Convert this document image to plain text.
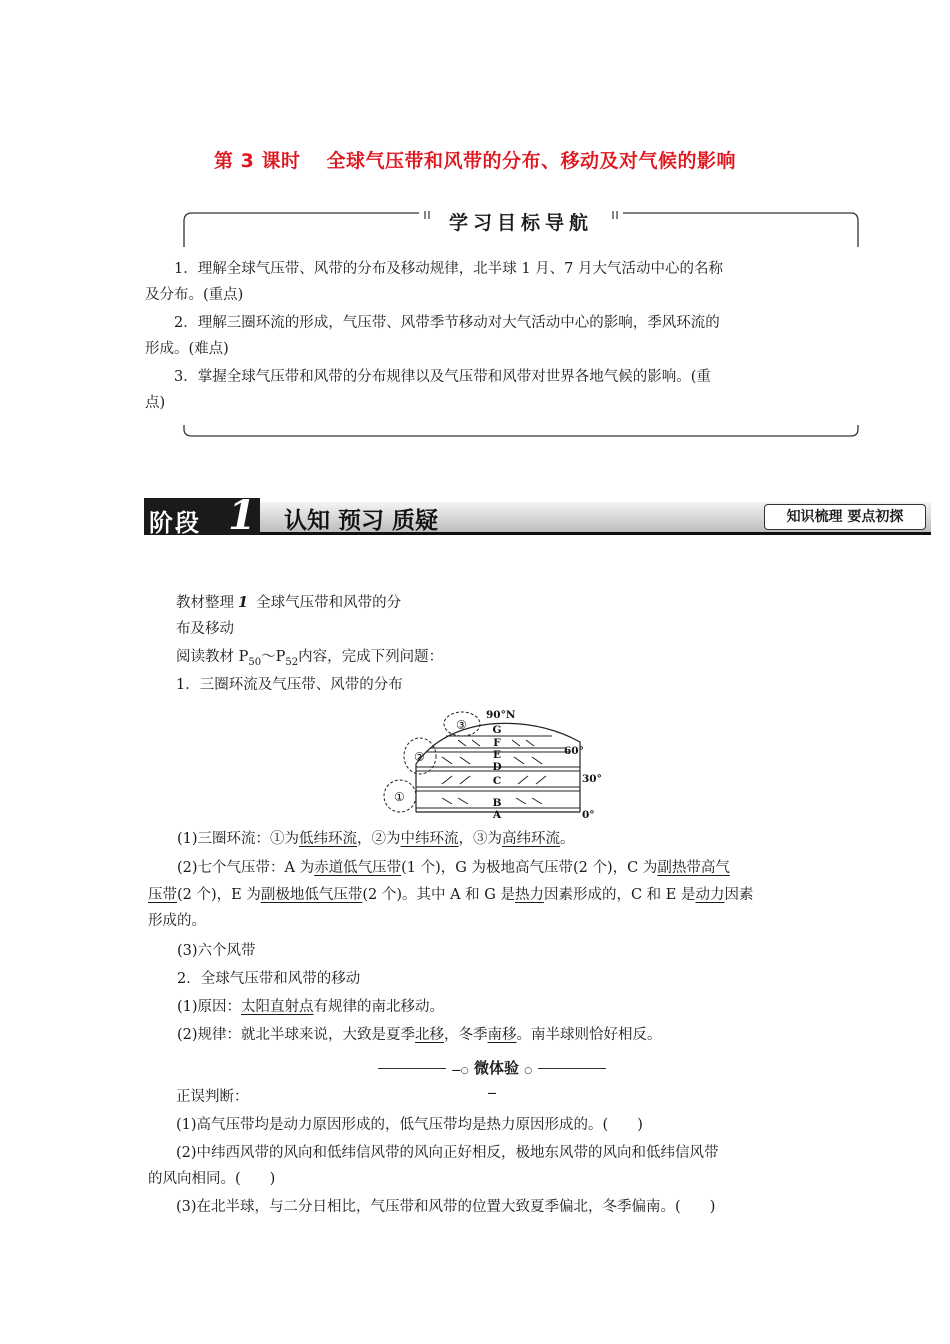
第 3 课时 全球气压带和风带的分布、移动及对气候的影响
学习目标导航
1．理解全球气压带、风带的分布及移动规律，北半球 1 月、7 月大气活动中心的名称
及分布。(重点)
2．理解三圈环流的形成，气压带、风带季节移动对大气活动中心的影响，季风环流的
形成。(难点)
3．掌握全球气压带和风带的分布规律以及气压带和风带对世界各地气候的影响。(重
点)
阶段 1 认知 预习 质疑	知识梳理 要点初探
教材整理 1 全球气压带和风带的分
布及移动
阅读教材 $P_{50}\sim P_{52}$内容，完成下列问题：
1．三圈环流及气压带、风带的分布
①
②
③ G
F
E
D
C
B
A
90°N
60°
30°
0°
(1)三圈环流：①为低纬环流，②为中纬环流，③为高纬环流。
(2)七个气压带：A 为赤道低气压带(1 个)，G 为极地高气压带(2 个)，C 为副热带高气
压带(2 个)，E 为副极地低气压带(2 个)。其中 A 和 G 是热力因素形成的，C 和 E 是动力因素
形成的。
(3)六个风带
2．全球气压带和风带的移动
(1)原因：太阳直射点有规律的南北移动。
(2)规律：就北半球来说，大致是夏季北移，冬季南移。南半球则恰好相反。
—○ 微体验 ○—
正误判断：
(1)高气压带均是动力原因形成的，低气压带均是热力原因形成的。(　　)
(2)中纬西风带的风向和低纬信风带的风向正好相反，极地东风带的风向和低纬信风带
的风向相同。(　　)
(3)在北半球，与二分日相比，气压带和风带的位置大致夏季偏北，冬季偏南。(　　)
